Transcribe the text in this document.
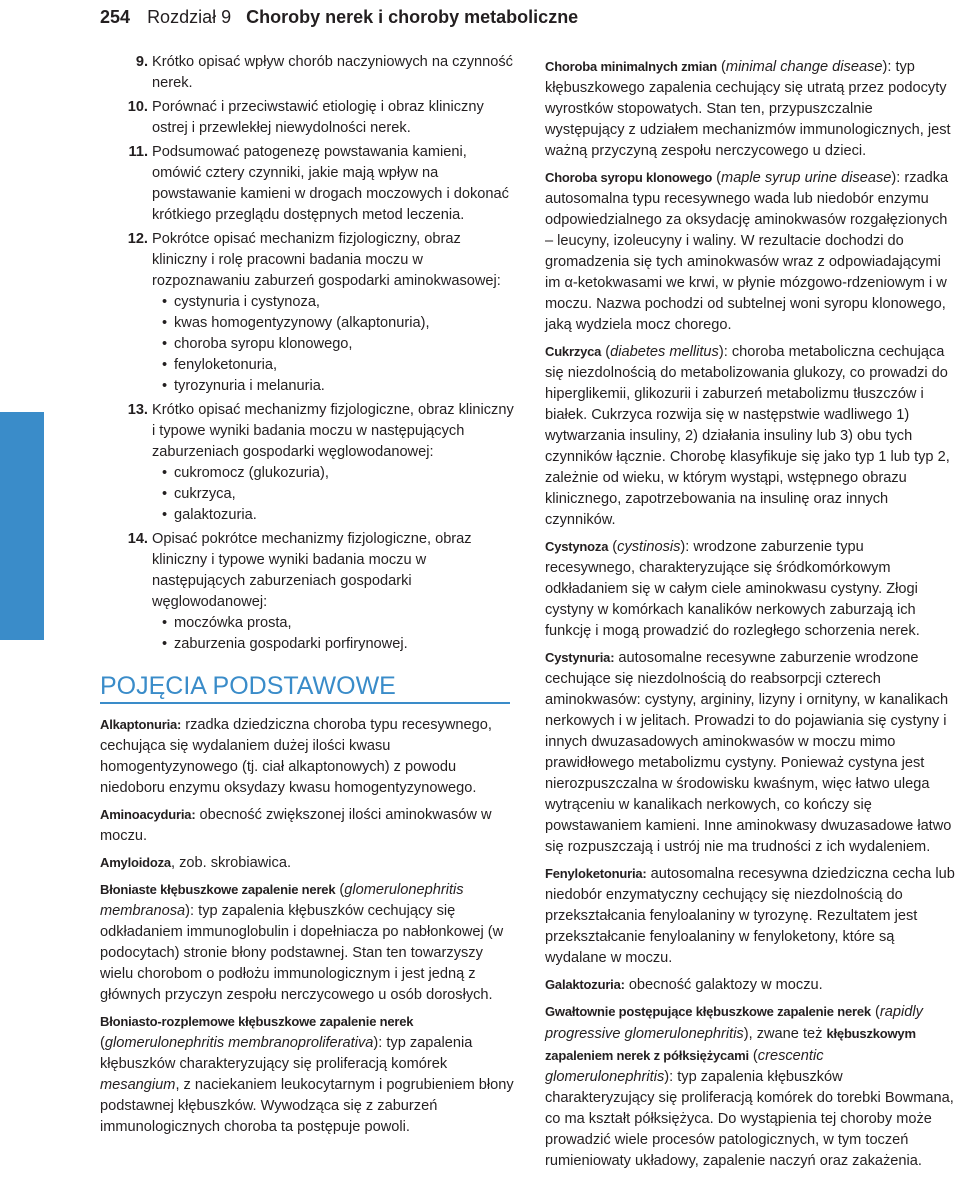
254 Rozdział 9 Choroby nerek i choroby metaboliczne
9. Krótko opisać wpływ chorób naczyniowych na czynność nerek.
10. Porównać i przeciwstawić etiologię i obraz kliniczny ostrej i przewlekłej niewydolności nerek.
11. Podsumować patogenezę powstawania kamieni, omówić cztery czynniki, jakie mają wpływ na powstawanie kamieni w drogach moczowych i dokonać krótkiego przeglądu dostępnych metod leczenia.
12. Pokrótce opisać mechanizm fizjologiczny, obraz kliniczny i rolę pracowni badania moczu w rozpoznawaniu zaburzeń gospodarki aminokwasowej:
• cystynuria i cystynoza,
• kwas homogentyzynowy (alkaptonuria),
• choroba syropu klonowego,
• fenyloketonuria,
• tyrozynuria i melanuria.
13. Krótko opisać mechanizmy fizjologiczne, obraz kliniczny i typowe wyniki badania moczu w następujących zaburzeniach gospodarki węglowodanowej:
• cukromocz (glukozuria),
• cukrzyca,
• galaktozuria.
14. Opisać pokrótce mechanizmy fizjologiczne, obraz kliniczny i typowe wyniki badania moczu w następujących zaburzeniach gospodarki węglowodanowej:
• moczówka prosta,
• zaburzenia gospodarki porfirynowej.
POJĘCIA PODSTAWOWE

Alkaptonuria: rzadka dziedziczna choroba typu recesywnego, cechująca się wydalaniem dużej ilości kwasu homogentyzynowego (tj. ciał alkaptonowych) z powodu niedoboru enzymu oksydazy kwasu homogentyzynowego.

Aminoacyduria: obecność zwiększonej ilości aminokwasów w moczu.

Amyloidoza, zob. skrobiawica.

Błoniaste kłębuszkowe zapalenie nerek (glomerulonephritis membranosa): typ zapalenia kłębuszków cechujący się odkładaniem immunoglobulin i dopełniacza po nabłonkowej (w podocytach) stronie błony podstawnej. Stan ten towarzyszy wielu chorobom o podłożu immunologicznym i jest jedną z głównych przyczyn zespołu nerczycowego u osób dorosłych.

Błoniasto-rozplemowe kłębuszkowe zapalenie nerek (glomerulonephritis membranoproliferativa): typ zapalenia kłębuszków charakteryzujący się proliferacją komórek mesangium, z naciekaniem leukocytarnym i pogrubieniem błony podstawnej kłębuszków. Wywodząca się z zaburzeń immunologicznych choroba ta postępuje powoli.

Choroba minimalnych zmian (minimal change disease): typ kłębuszkowego zapalenia cechujący się utratą przez podocyty wyrostków stopowatych. Stan ten, przypuszczalnie występujący z udziałem mechanizmów immunologicznych, jest ważną przyczyną zespołu nerczycowego u dzieci.

Choroba syropu klonowego (maple syrup urine disease): rzadka autosomalna typu recesywnego wada lub niedobór enzymu odpowiedzialnego za oksydację aminokwasów rozgałęzionych – leucyny, izoleucyny i waliny. W rezultacie dochodzi do gromadzenia się tych aminokwasów wraz z odpowiadającymi im α-ketokwasami we krwi, w płynie mózgowo-rdzeniowym i w moczu. Nazwa pochodzi od subtelnej woni syropu klonowego, jaką wydziela mocz chorego.

Cukrzyca (diabetes mellitus): choroba metaboliczna cechująca się niezdolnością do metabolizowania glukozy, co prowadzi do hiperglikemii, glikozurii i zaburzeń metabolizmu tłuszczów i białek. Cukrzyca rozwija się w następstwie wadliwego 1) wytwarzania insuliny, 2) działania insuliny lub 3) obu tych czynników łącznie. Chorobę klasyfikuje się jako typ 1 lub typ 2, zależnie od wieku, w którym wystąpi, wstępnego obrazu klinicznego, zapotrzebowania na insulinę oraz innych czynników.

Cystynoza (cystinosis): wrodzone zaburzenie typu recesywnego, charakteryzujące się śródkomórkowym odkładaniem się w całym ciele aminokwasu cystyny. Złogi cystyny w komórkach kanalików nerkowych zaburzają ich funkcję i mogą prowadzić do rozległego schorzenia nerek.

Cystynuria: autosomalne recesywne zaburzenie wrodzone cechujące się niezdolnością do reabsorpcji czterech aminokwasów: cystyny, argininy, lizyny i ornityny, w kanalikach nerkowych i w jelitach. Prowadzi to do pojawiania się cystyny i innych dwuzasadowych aminokwasów w moczu mimo prawidłowego metabolizmu cystyny. Ponieważ cystyna jest nierozpuszczalna w środowisku kwaśnym, więc łatwo ulega wytrąceniu w kanalikach nerkowych, co kończy się powstawaniem kamieni. Inne aminokwasy dwuzasadowe łatwo się rozpuszczają i ustrój nie ma trudności z ich wydaleniem.

Fenyloketonuria: autosomalna recesywna dziedziczna cecha lub niedobór enzymatyczny cechujący się niezdolnością do przekształcania fenyloalaniny w tyrozynę. Rezultatem jest przekształcanie fenyloalaniny w fenyloketony, które są wydalane w moczu.

Galaktozuria: obecność galaktozy w moczu.

Gwałtownie postępujące kłębuszkowe zapalenie nerek (rapidly progressive glomerulonephritis), zwane też kłębuszkowym zapaleniem nerek z półksiężycami (crescentic glomerulonephritis): typ zapalenia kłębuszków charakteryzujący się proliferacją komórek do torebki Bowmana, co ma kształt półksiężyca. Do wystąpienia tej choroby może prowadzić wiele procesów patologicznych, w tym toczeń rumieniowaty układowy, zapalenie naczyń oraz zakażenia.
